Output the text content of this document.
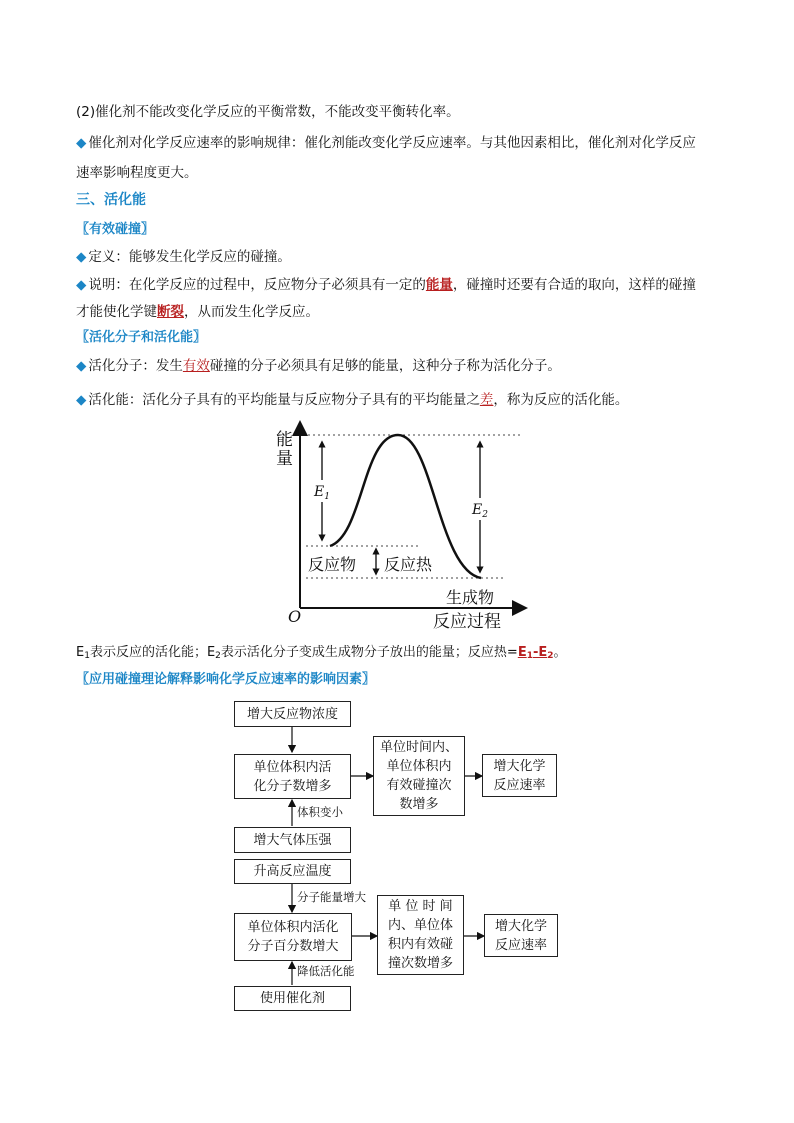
(2)催化剂不能改变化学反应的平衡常数，不能改变平衡转化率。
◆ 催化剂对化学反应速率的影响规律：催化剂能改变化学反应速率。与其他因素相比，催化剂对化学反应
速率影响程度更大。
三、活化能
〖有效碰撞〗
◆ 定义：能够发生化学反应的碰撞。
◆ 说明：在化学反应的过程中，反应物分子必须具有一定的能量，碰撞时还要有合适的取向，这样的碰撞
才能使化学键断裂，从而发生化学反应。
〖活化分子和活化能〗
◆ 活化分子：发生有效碰撞的分子必须具有足够的能量，这种分子称为活化分子。
◆ 活化能：活化分子具有的平均能量与反应物分子具有的平均能量之差，称为反应的活化能。
$E_1$
$E_2$
能
量
反应物 反应热
生成物
O	反应过程
$E_1$表示反应的活化能；$E_2$表示活化分子变成生成物分子放出的能量；反应热$=E_1-E_2$。
〖应用碰撞理论解释影响化学反应速率的影响因素〗
增大反应物浓度
单位体积内活
化分子数增多
单位时间内、
单位体积内
有效碰撞次
数增多
增大化学
反应速率
体积变小
增大气体压强
升高反应温度
分子能量增大
单位体积内活化
分子百分数增大
单 位 时 间
内、单位体
积内有效碰
撞次数增多
增大化学
反应速率
降低活化能
使用催化剂
